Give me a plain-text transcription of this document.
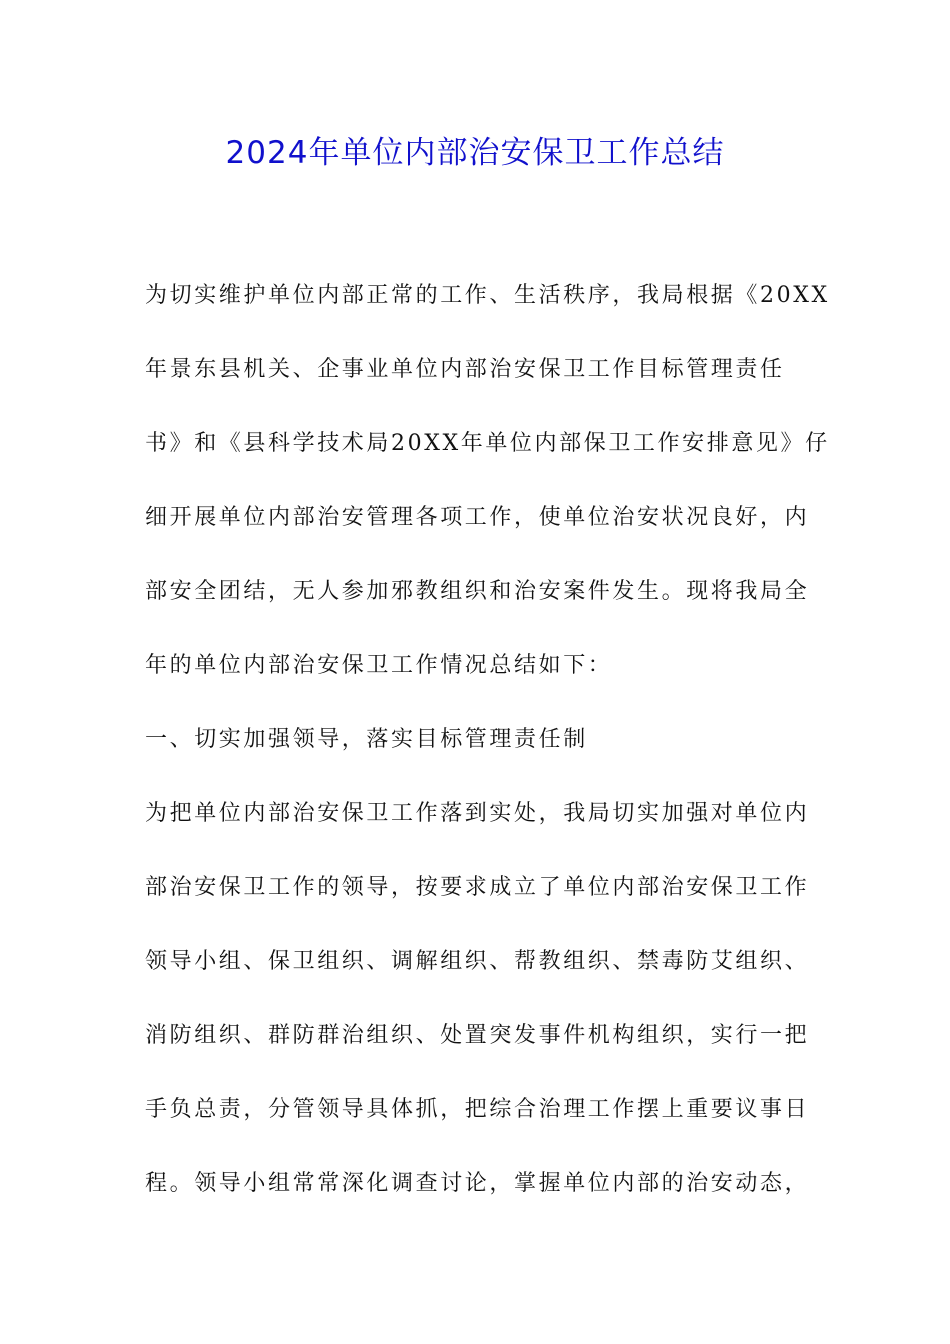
2024年单位内部治安保卫工作总结
为切实维护单位内部正常的工作、生活秩序，我局根据《20XX
年景东县机关、企事业单位内部治安保卫工作目标管理责任
书》和《县科学技术局20XX年单位内部保卫工作安排意见》仔
细开展单位内部治安管理各项工作，使单位治安状况良好，内
部安全团结，无人参加邪教组织和治安案件发生。现将我局全
年的单位内部治安保卫工作情况总结如下：
一、切实加强领导，落实目标管理责任制
为把单位内部治安保卫工作落到实处，我局切实加强对单位内
部治安保卫工作的领导，按要求成立了单位内部治安保卫工作
领导小组、保卫组织、调解组织、帮教组织、禁毒防艾组织、
消防组织、群防群治组织、处置突发事件机构组织，实行一把
手负总责，分管领导具体抓，把综合治理工作摆上重要议事日
程。领导小组常常深化调查讨论，掌握单位内部的治安动态，
